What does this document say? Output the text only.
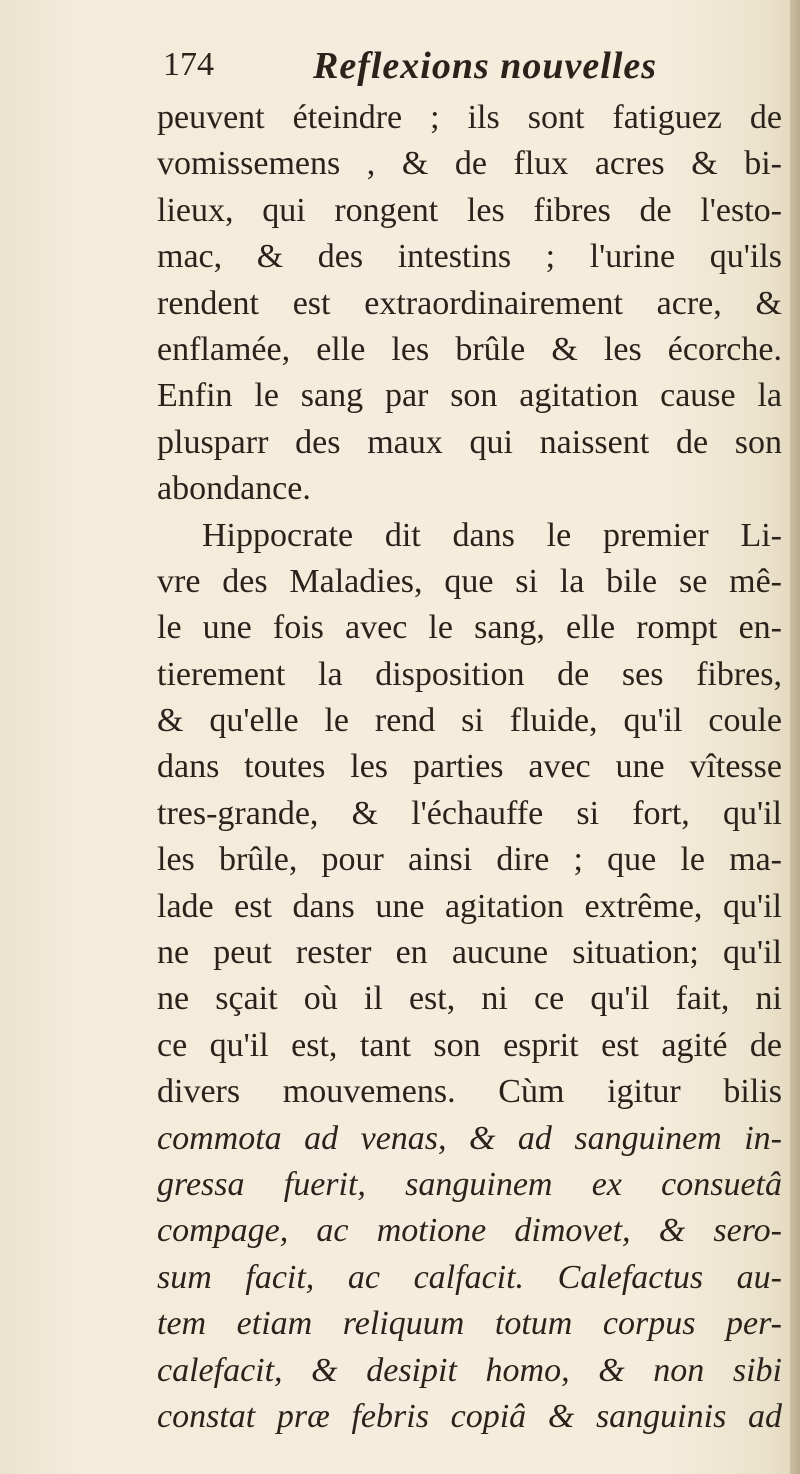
174	Reflexions nouvelles
peuvent éteindre ; ils sont fatiguez de
vomissemens , & de flux acres & bi-
lieux, qui rongent les fibres de l'esto-
mac, & des intestins ; l'urine qu'ils
rendent est extraordinairement acre, &
enflamée, elle les brûle & les écorche.
Enfin le sang par son agitation cause la
plusparr des maux qui naissent de son
abondance.
Hippocrate dit dans le premier Li-
vre des Maladies, que si la bile se mê-
le une fois avec le sang, elle rompt en-
tierement la disposition de ses fibres,
& qu'elle le rend si fluide, qu'il coule
dans toutes les parties avec une vîtesse
tres-grande, & l'échauffe si fort, qu'il
les brûle, pour ainsi dire ; que le ma-
lade est dans une agitation extrême, qu'il
ne peut rester en aucune situation; qu'il
ne sçait où il est, ni ce qu'il fait, ni
ce qu'il est, tant son esprit est agité de
divers mouvemens. Cùm igitur bilis
commota ad venas, & ad sanguinem in-
gressa fuerit, sanguinem ex consuetâ
compage, ac motione dimovet, & sero-
sum facit, ac calfacit. Calefactus au-
tem etiam reliquum totum corpus per-
calefacit, & desipit homo, & non sibi
constat præ febris copiâ & sanguinis ad
